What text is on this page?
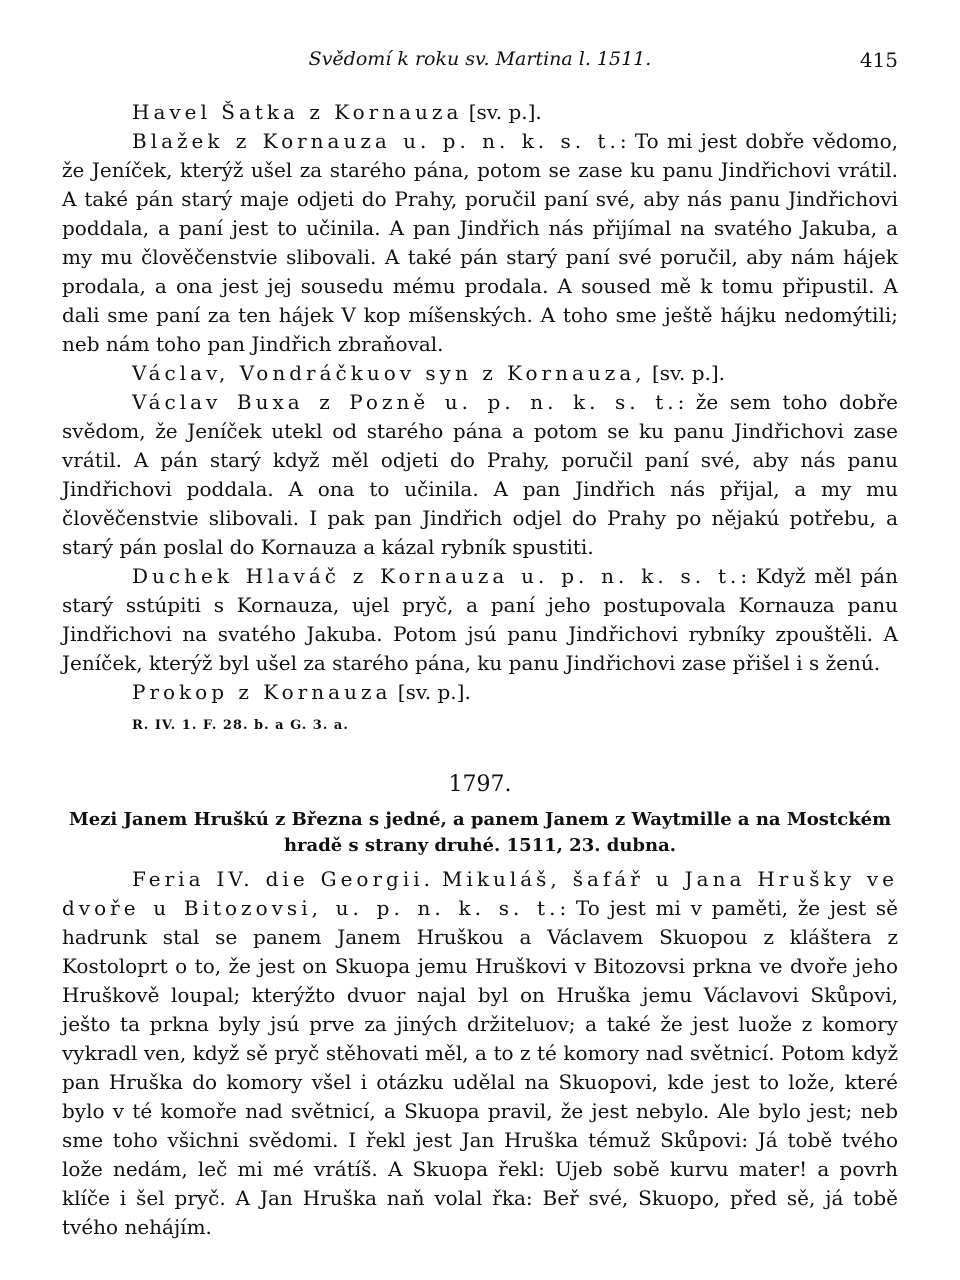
Svědomí k roku sv. Martina l. 1511.	415

Havel Šatka z Kornauza [sv. p.].

Blažek z Kornauza u. p. n. k. s. t.: To mi jest dobře vědomo, že Jeníček, kterýž ušel za starého pána, potom se zase ku panu Jindřichovi vrátil. A také pán starý maje odjeti do Prahy, poručil paní své, aby nás panu Jindřichovi poddala, a paní jest to učinila. A pan Jindřich nás přijímal na svatého Jakuba, a my mu člověčenstvie slibovali. A také pán starý paní své poručil, aby nám hájek prodala, a ona jest jej sousedu mému prodala. A soused mě k tomu připustil. A dali sme paní za ten hájek V kop míšenských. A toho sme ještě hájku nedomýtili; neb nám toho pan Jindřich zbraňoval.

Václav, Vondráčkuov syn z Kornauza, [sv. p.].

Václav Buxa z Pozně u. p. n. k. s. t.: že sem toho dobře svědom, že Jeníček utekl od starého pána a potom se ku panu Jindřichovi zase vrátil. A pán starý když měl odjeti do Prahy, poručil paní své, aby nás panu Jindřichovi poddala. A ona to učinila. A pan Jindřich nás přijal, a my mu člověčenstvie slibovali. I pak pan Jindřich odjel do Prahy po nějakú potřebu, a starý pán poslal do Kornauza a kázal rybník spustiti.

Duchek Hlaváč z Kornauza u. p. n. k. s. t.: Když měl pán starý sstúpiti s Kornauza, ujel pryč, a paní jeho postupovala Kornauza panu Jindřichovi na svatého Jakuba. Potom jsú panu Jindřichovi rybníky zpouštěli. A Jeníček, kterýž byl ušel za starého pána, ku panu Jindřichovi zase přišel i s ženú.

Prokop z Kornauza [sv. p.].

R. IV. 1. F. 28. b. a G. 3. a.

1797.
Mezi Janem Hruškú z Března s jedné, a panem Janem z Waytmille a na Mostckém hradě s strany druhé. 1511, 23. dubna.

Feria IV. die Georgii. Mikuláš, šafář u Jana Hrušky ve dvoře u Bitozovsi, u. p. n. k. s. t.: To jest mi v paměti, že jest sě hadrunk stal se panem Janem Hruškou a Václavem Skuopou z kláštera z Kostoloprt o to, že jest on Skuopa jemu Hruškovi v Bitozovsi prkna ve dvoře jeho Hruškově loupal; kterýžto dvuor najal byl on Hruška jemu Václavovi Skůpovi, ješto ta prkna byly jsú prve za jiných držiteluov; a také že jest luože z komory vykradl ven, když sě pryč stěhovati měl, a to z té komory nad světnicí. Potom když pan Hruška do komory všel i otázku udělal na Skuopovi, kde jest to lože, které bylo v té komoře nad světnicí, a Skuopa pravil, že jest nebylo. Ale bylo jest; neb sme toho všichni svědomi. I řekl jest Jan Hruška témuž Skůpovi: Já tobě tvého lože nedám, leč mi mé vrátíš. A Skuopa řekl: Ujeb sobě kurvu mater! a povrh klíče i šel pryč. A Jan Hruška naň volal řka: Beř své, Skuopo, před sě, já tobě tvého nehájím.
